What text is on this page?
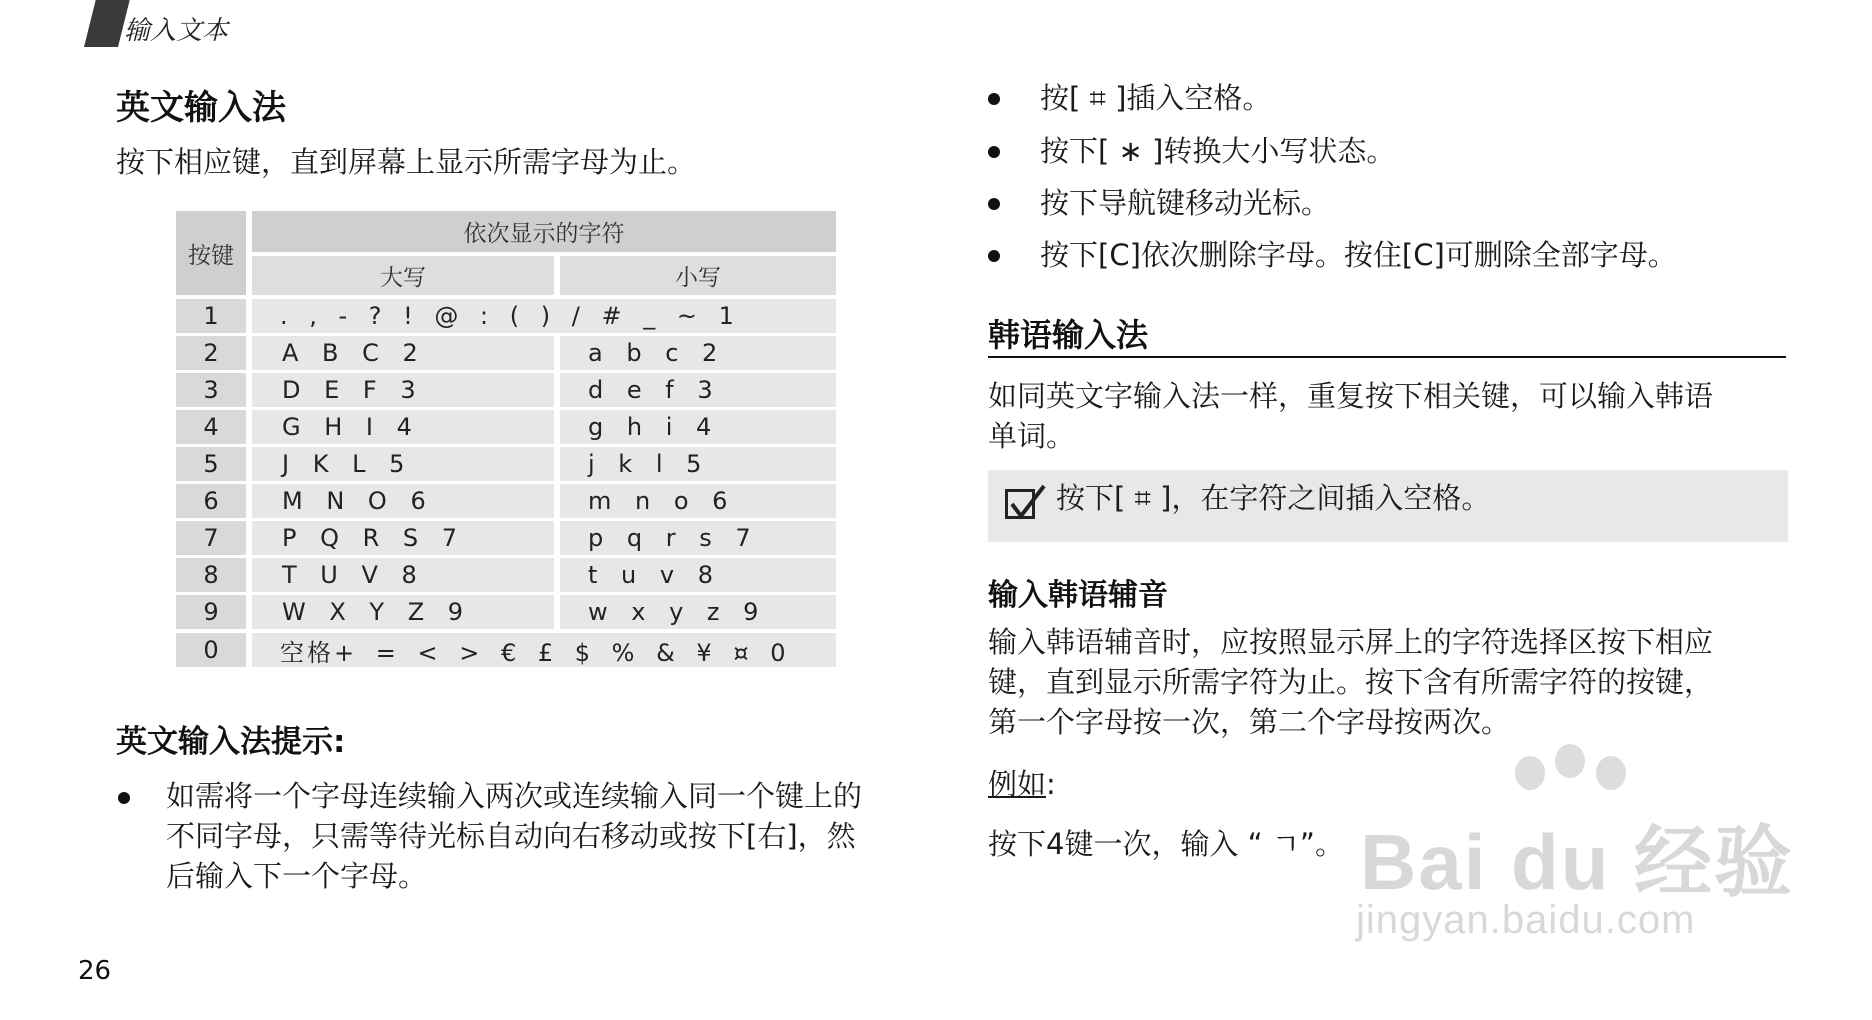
输入文本
英文输入法
按下相应键，直到屏幕上显示所需字母为止。
按键
依次显示的字符
大写	小写
1	. , - ? ! @ : ( ) / # _ ~ 1
2	A B C 2	a b c 2
3	D E F 3	d e f 3
4	G H I 4	g h i 4
5	J K L 5	j k l 5
6	M N O 6	m n o 6
7	P Q R S 7	p q r s 7
8	T U V 8	t u v 8
9	W X Y Z 9	w x y z 9
0	空格+ = < > € £ $ % & ¥ ¤ 0
英文输入法提示:
如需将一个字母连续输入两次或连续输入同一个键上的
不同字母，只需等待光标自动向右移动或按下[右]，然
后输入下一个字母。
按[ ⌗ ]插入空格。
按下[ ∗ ]转换大小写状态。
按下导航键移动光标。
按下[C]依次删除字母。按住[C]可删除全部字母。
韩语输入法
如同英文字输入法一样，重复按下相关键，可以输入韩语
单词。
按下[ ⌗ ]，在字符之间插入空格。
输入韩语辅音
输入韩语辅音时，应按照显示屏上的字符选择区按下相应
键，直到显示所需字符为止。按下含有所需字符的按键，
第一个字母按一次，第二个字母按两次。
例如:
按下4键一次，输入 “ ㄱ”。 Bai du 经验
jingyan.baidu.com
26
